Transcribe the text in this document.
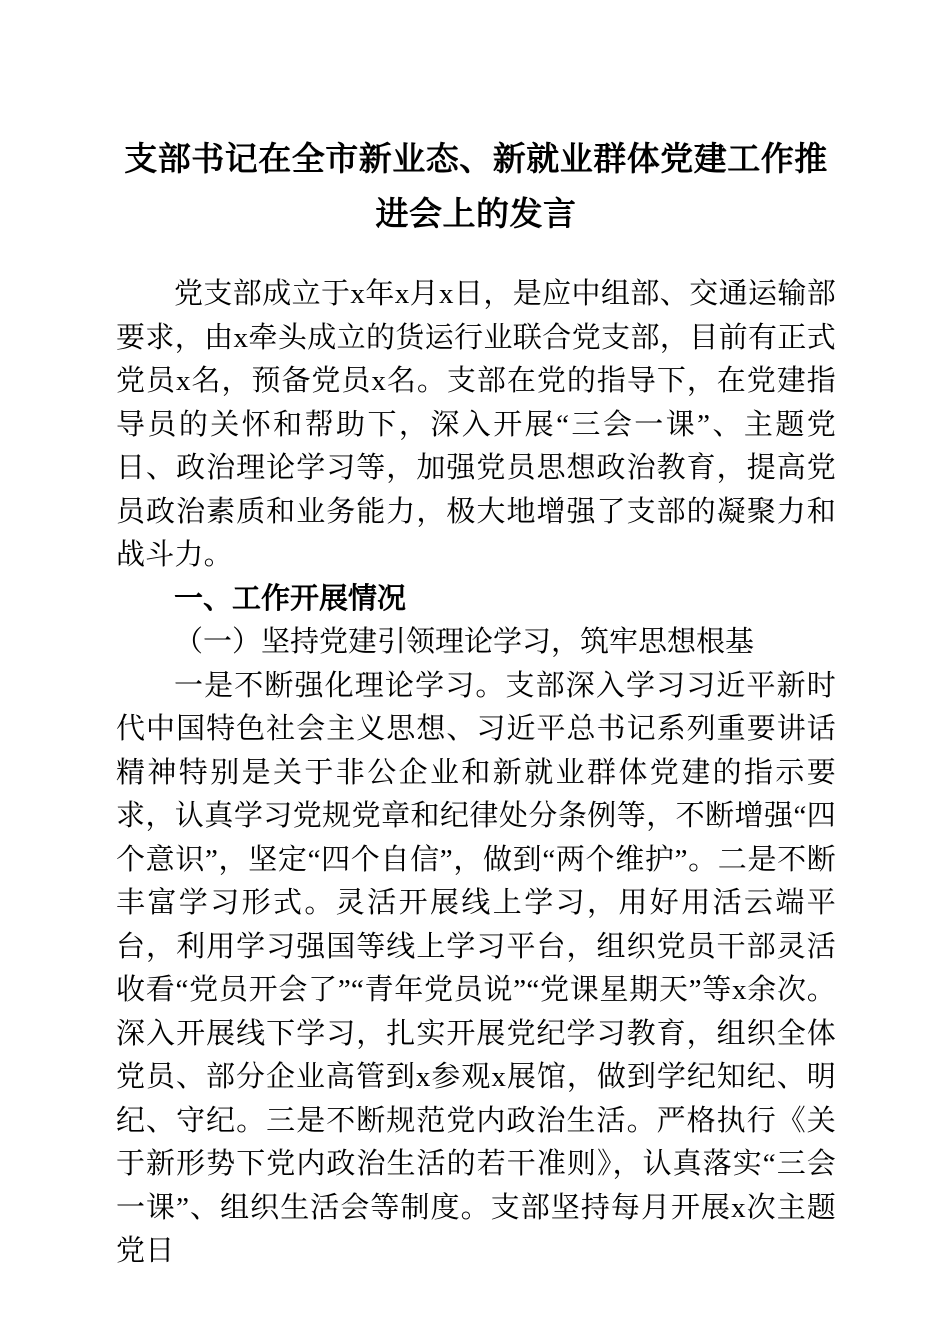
支部书记在全市新业态、新就业群体党建工作推进会上的发言

党支部成立于x年x月x日，是应中组部、交通运输部要求，由x牵头成立的货运行业联合党支部，目前有正式党员x名，预备党员x名。支部在党的指导下，在党建指导员的关怀和帮助下，深入开展“三会一课”、主题党日、政治理论学习等，加强党员思想政治教育，提高党员政治素质和业务能力，极大地增强了支部的凝聚力和战斗力。

一、工作开展情况
（一）坚持党建引领理论学习，筑牢思想根基

一是不断强化理论学习。支部深入学习习近平新时代中国特色社会主义思想、习近平总书记系列重要讲话精神特别是关于非公企业和新就业群体党建的指示要求，认真学习党规党章和纪律处分条例等，不断增强“四个意识”，坚定“四个自信”，做到“两个维护”。二是不断丰富学习形式。灵活开展线上学习，用好用活云端平台，利用学习强国等线上学习平台，组织党员干部灵活收看“党员开会了”“青年党员说”“党课星期天”等x余次。深入开展线下学习，扎实开展党纪学习教育，组织全体党员、部分企业高管到x参观x展馆，做到学纪知纪、明纪、守纪。三是不断规范党内政治生活。严格执行《关于新形势下党内政治生活的若干准则》，认真落实“三会一课”、组织生活会等制度。支部坚持每月开展x次主题党日
